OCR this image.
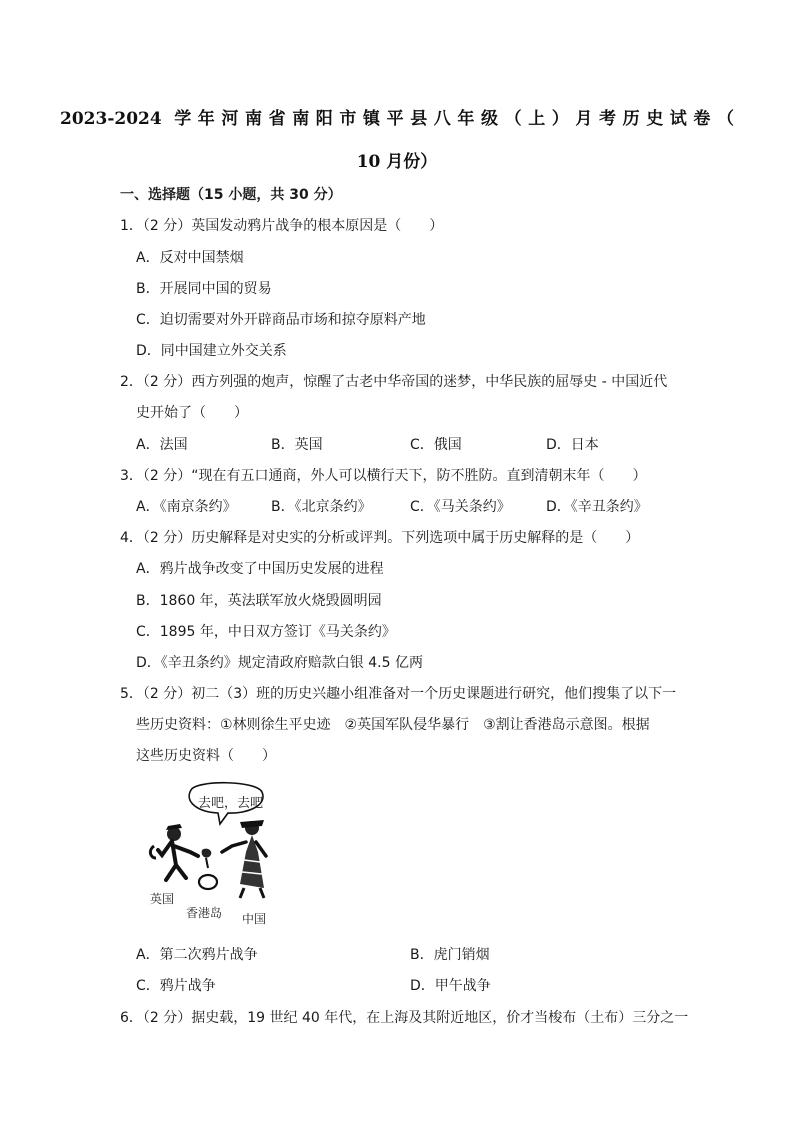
2023-2024 学年河南省南阳市镇平县八年级（上）月考历史试卷（
10 月份）
一、选择题（15 小题，共 30 分）
1．（2 分）英国发动鸦片战争的根本原因是（　　）
A．反对中国禁烟
B．开展同中国的贸易
C．迫切需要对外开辟商品市场和掠夺原料产地
D．同中国建立外交关系
2．（2 分）西方列强的炮声，惊醒了古老中华帝国的迷梦，中华民族的屈辱史 - 中国近代
史开始了（　　）
A．法国	B．英国	C．俄国	D．日本
3．（2 分）“现在有五口通商，外人可以横行天下，防不胜防。直到清朝末年（　　）
A．《南京条约》 B．《北京条约》	C．《马关条约》	D．《辛丑条约》
4．（2 分）历史解释是对史实的分析或评判。下列选项中属于历史解释的是（　　）
A．鸦片战争改变了中国历史发展的进程
B．1860 年，英法联军放火烧毁圆明园
C．1895 年，中日双方签订《马关条约》
D．《辛丑条约》规定清政府赔款白银 4.5 亿两
5．（2 分）初二（3）班的历史兴趣小组准备对一个历史课题进行研究，他们搜集了以下一
些历史资料：①林则徐生平史迹　②英国军队侵华暴行　③割让香港岛示意图。根据
这些历史资料（　　）
去吧，去吧
英国
香港岛 中国
A．第二次鸦片战争	B．虎门销烟
C．鸦片战争	D．甲午战争
6．（2 分）据史载，19 世纪 40 年代，在上海及其附近地区，价才当梭布（土布）三分之一
